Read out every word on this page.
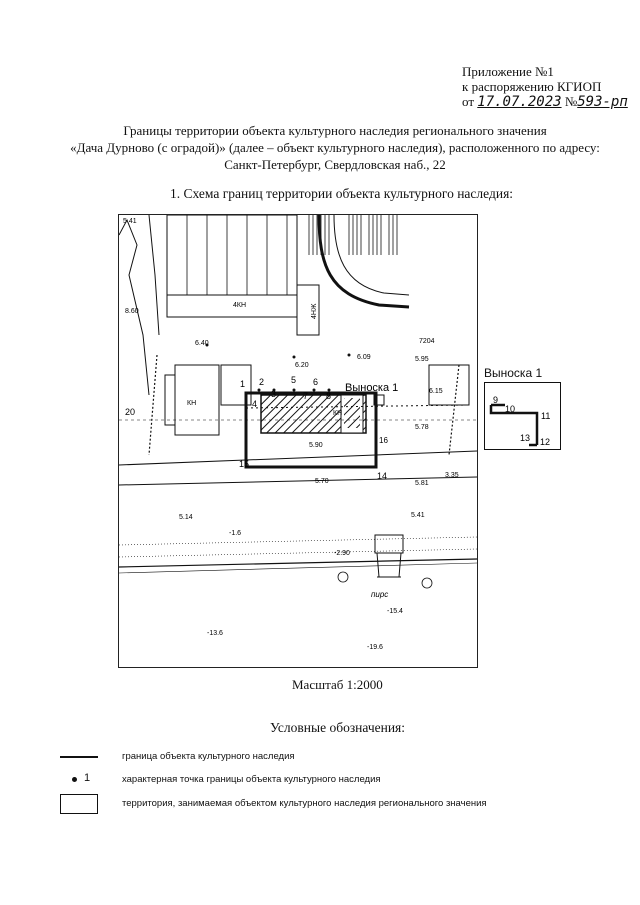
Приложение №1
к распоряжению КГИОП
от 17.07.2023 №593-рп
Границы территории объекта культурного наследия регионального значения
«Дача Дурново (с оградой)» (далее – объект культурного наследия), расположенного по адресу:
Санкт-Петербург, Свердловская наб., 22
1. Схема границ территории объекта культурного наследия:
5.41
8.60
6.40
6.20
6.09	5.95
5.78
5.90
5.70	5.81
5.14	5.41
-1.6
-2.90
-13.6
-15.4
-19.6
3.35
6.15
4КН
КН
КН
4НЖ
7204
пирс
Выноска 1
1 2
3
4
5 6
7 8
14
15
16
20
Выноска 1
9
10
11
12
13
Масштаб 1:2000
Условные обозначения:
граница объекта культурного наследия
1	характерная точка границы объекта культурного наследия
территория, занимаемая объектом культурного наследия регионального значения
